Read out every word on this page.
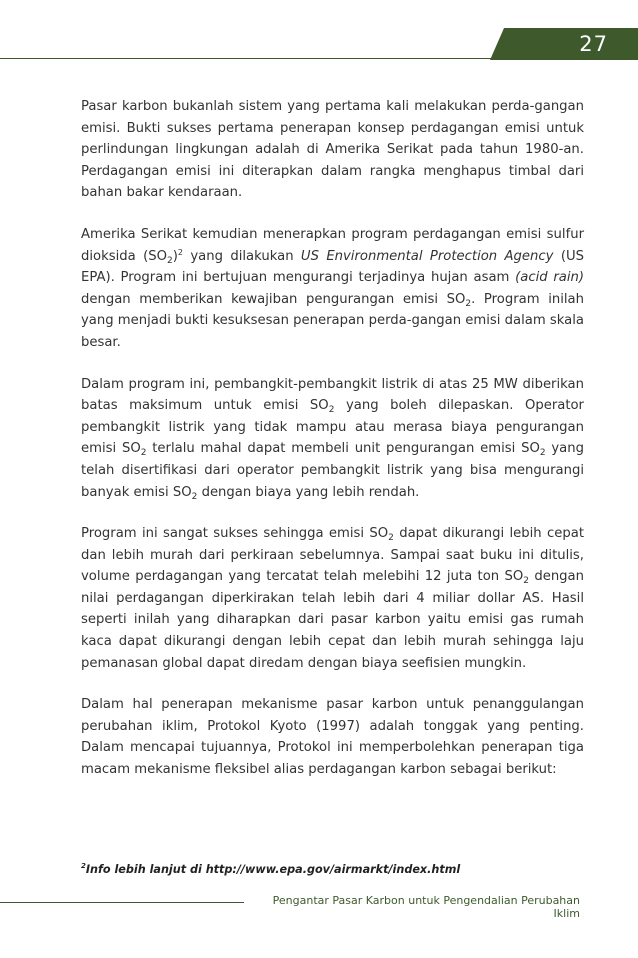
27

Pasar karbon bukanlah sistem yang pertama kali melakukan perda-gangan emisi. Bukti sukses pertama penerapan konsep perdagangan emisi untuk perlindungan lingkungan adalah di Amerika Serikat pada tahun 1980-an. Perdagangan emisi ini diterapkan dalam rangka menghapus timbal dari bahan bakar kendaraan.

Amerika Serikat kemudian menerapkan program perdagangan emisi sulfur dioksida $(SO_2)^2$ yang dilakukan US Environmental Protection Agency (US EPA). Program ini bertujuan mengurangi terjadinya hujan asam (acid rain) dengan memberikan kewajiban pengurangan emisi $SO_2$. Program inilah yang menjadi bukti kesuksesan penerapan perda-gangan emisi dalam skala besar.

Dalam program ini, pembangkit-pembangkit listrik di atas 25 MW diberikan batas maksimum untuk emisi $SO_2$ yang boleh dilepaskan. Operator pembangkit listrik yang tidak mampu atau merasa biaya pengurangan emisi $SO_2$ terlalu mahal dapat membeli unit pengurangan emisi $SO_2$ yang telah disertifikasi dari operator pembangkit listrik yang bisa mengurangi banyak emisi $SO_2$ dengan biaya yang lebih rendah.

Program ini sangat sukses sehingga emisi $SO_2$ dapat dikurangi lebih cepat dan lebih murah dari perkiraan sebelumnya. Sampai saat buku ini ditulis, volume perdagangan yang tercatat telah melebihi 12 juta ton $SO_2$ dengan nilai perdagangan diperkirakan telah lebih dari 4 miliar dollar AS. Hasil seperti inilah yang diharapkan dari pasar karbon yaitu emisi gas rumah kaca dapat dikurangi dengan lebih cepat dan lebih murah sehingga laju pemanasan global dapat diredam dengan biaya seefisien mungkin.

Dalam hal penerapan mekanisme pasar karbon untuk penanggulangan perubahan iklim, Protokol Kyoto (1997) adalah tonggak yang penting. Dalam mencapai tujuannya, Protokol ini memperbolehkan penerapan tiga macam mekanisme fleksibel alias perdagangan karbon sebagai berikut:

$^2$Info lebih lanjut di http://www.epa.gov/airmarkt/index.html
Pengantar Pasar Karbon untuk Pengendalian Perubahan Iklim
